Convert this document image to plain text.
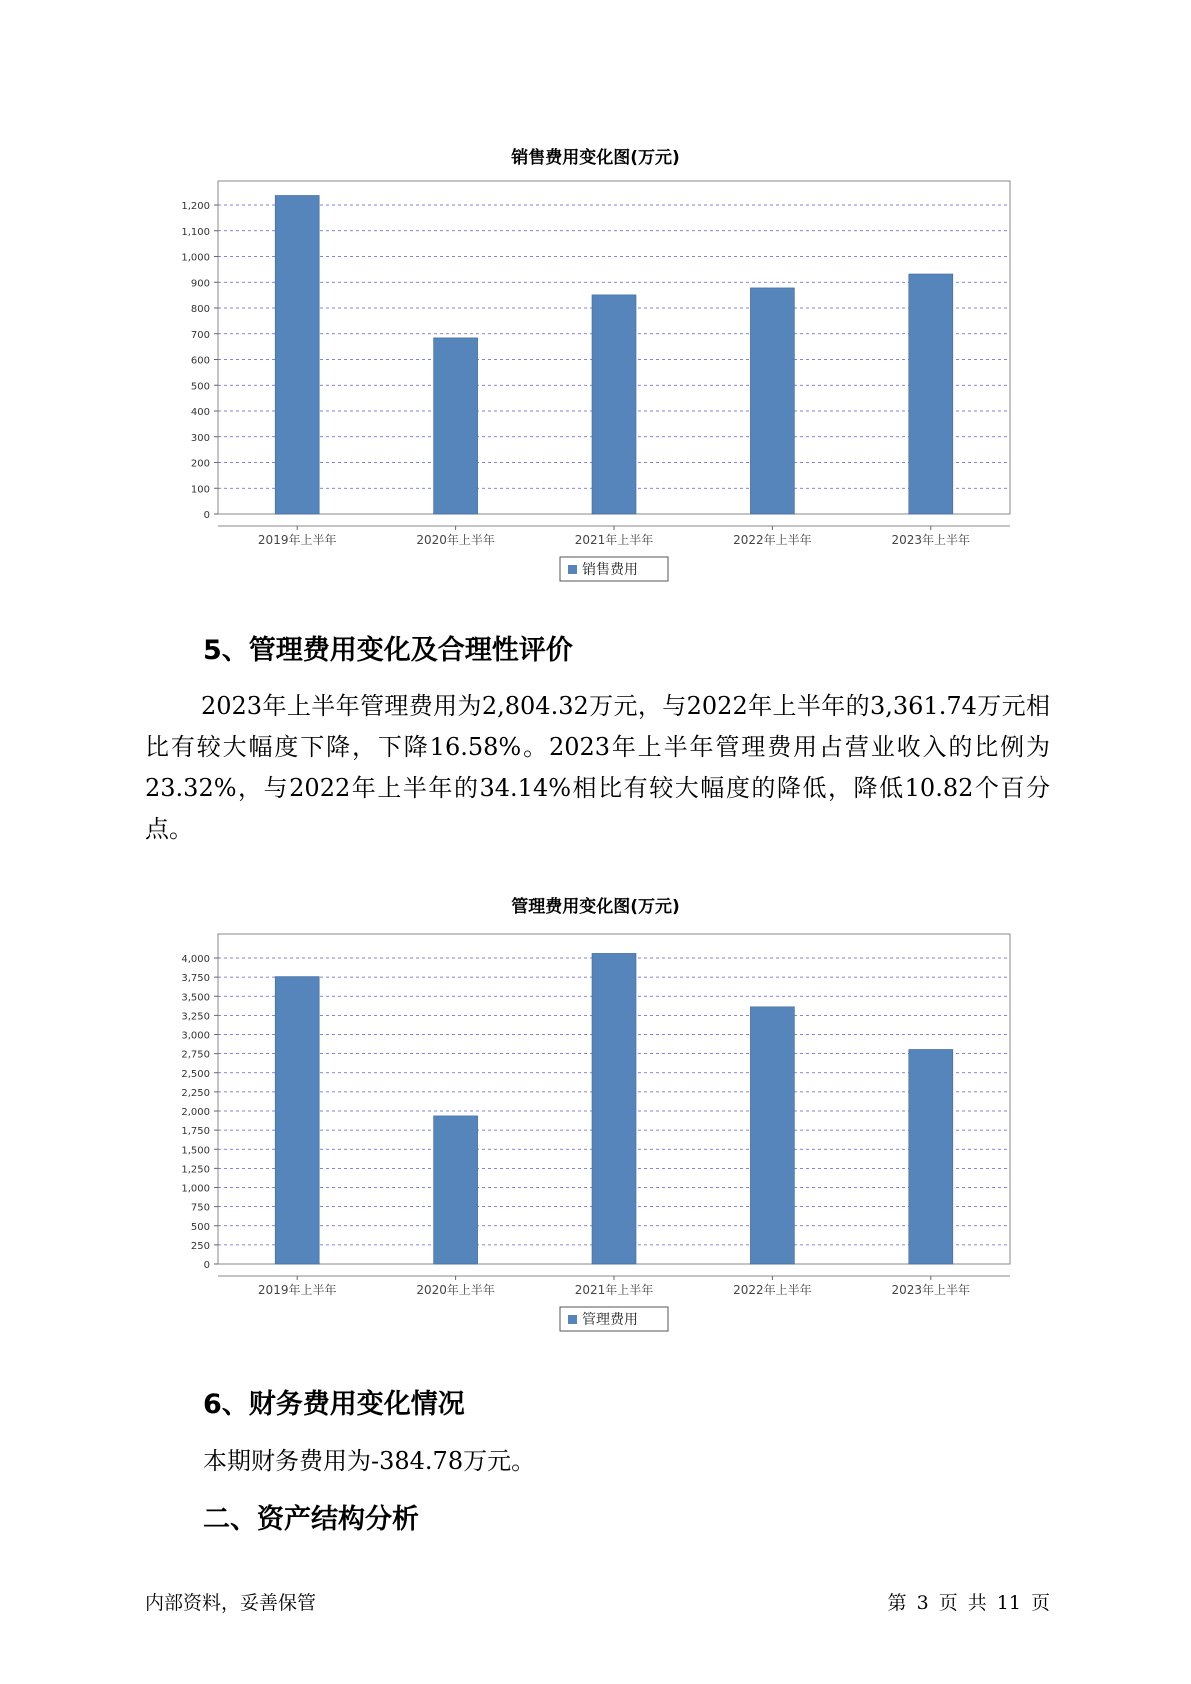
销售费用变化图(万元)
0
100
200
300
400
500
600
700
800
900
1,000
1,100
1,200
2019年上半年	2020年上半年	2021年上半年	2022年上半年	2023年上半年
销售费用
5、管理费用变化及合理性评价
2023年上半年管理费用为2,804.32万元，与2022年上半年的3,361.74万元相比有较大幅度下降，下降16.58%。2023年上半年管理费用占营业收入的比例为23.32%，与2022年上半年的34.14%相比有较大幅度的降低，降低10.82个百分点。
管理费用变化图(万元)
0
250
500
750
1,000
1,250
1,500
1,750
2,000
2,250
2,500
2,750
3,000
3,250
3,500
3,750
4,000
2019年上半年	2020年上半年	2021年上半年	2022年上半年	2023年上半年
管理费用
6、财务费用变化情况
本期财务费用为-384.78万元。
二、资产结构分析
内部资料，妥善保管	第 3 页 共 11 页
